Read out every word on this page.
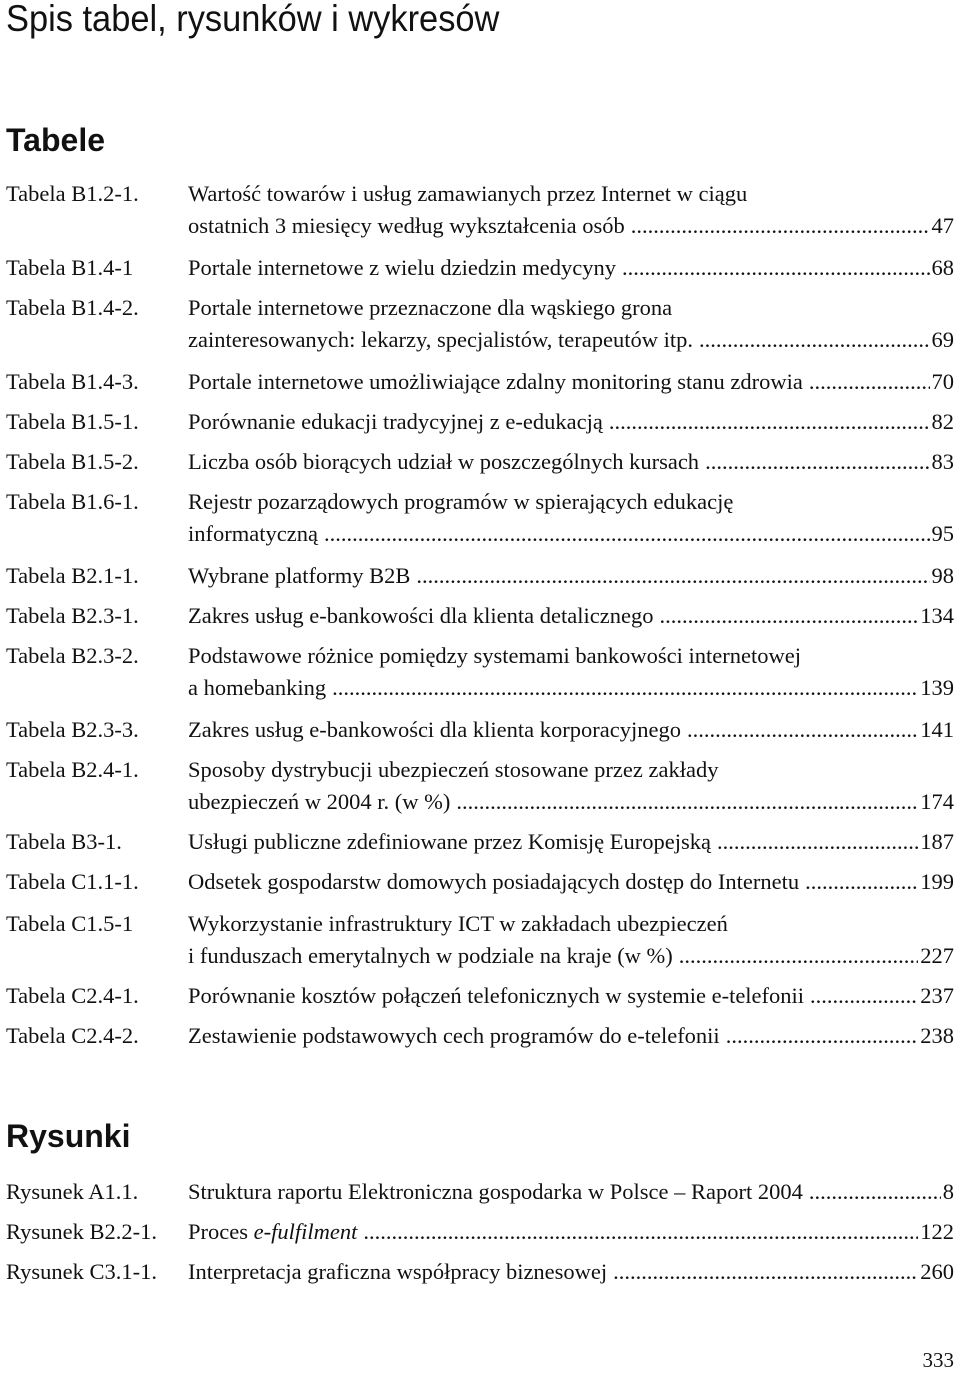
Spis tabel, rysunków i wykresów
Tabele
Tabela B1.2-1. Wartość towarów i usług zamawianych przez Internet w ciągu
ostatnich 3 miesięcy według wykształcenia osób .....	47
Tabela B1.4-1 Portale internetowe z wielu dziedzin medycyny .....	68
Tabela B1.4-2. Portale internetowe przeznaczone dla wąskiego grona
zainteresowanych: lekarzy, specjalistów, terapeutów itp. .....	69
Tabela B1.4-3. Portale internetowe umożliwiające zdalny monitoring stanu zdrowia .....	70
Tabela B1.5-1. Porównanie edukacji tradycyjnej z e-edukacją .....	82
Tabela B1.5-2. Liczba osób biorących udział w poszczególnych kursach .....	83
Tabela B1.6-1. Rejestr pozarządowych programów w spierających edukację
informatyczną .....	95
Tabela B2.1-1. Wybrane platformy B2B .....	98
Tabela B2.3-1. Zakres usług e-bankowości dla klienta detalicznego .....	134
Tabela B2.3-2. Podstawowe różnice pomiędzy systemami bankowości internetowej
a homebanking .....	139
Tabela B2.3-3. Zakres usług e-bankowości dla klienta korporacyjnego .....	141
Tabela B2.4-1. Sposoby dystrybucji ubezpieczeń stosowane przez zakłady
ubezpieczeń w 2004 r. (w %) .....	174
Tabela B3-1.	Usługi publiczne zdefiniowane przez Komisję Europejską .....	187
Tabela C1.1-1. Odsetek gospodarstw domowych posiadających dostęp do Internetu .....	199
Tabela C1.5-1 Wykorzystanie infrastruktury ICT w zakładach ubezpieczeń
i funduszach emerytalnych w podziale na kraje (w %) .....	227
Tabela C2.4-1. Porównanie kosztów połączeń telefonicznych w systemie e-telefonii .....	237
Tabela C2.4-2. Zestawienie podstawowych cech programów do e-telefonii .....	238
Rysunki
Rysunek A1.1. Struktura raportu Elektroniczna gospodarka w Polsce – Raport 2004 .....	8
Rysunek B2.2-1. Proces e-fulfilment .....	122
Rysunek C3.1-1. Interpretacja graficzna współpracy biznesowej .....	260
333
